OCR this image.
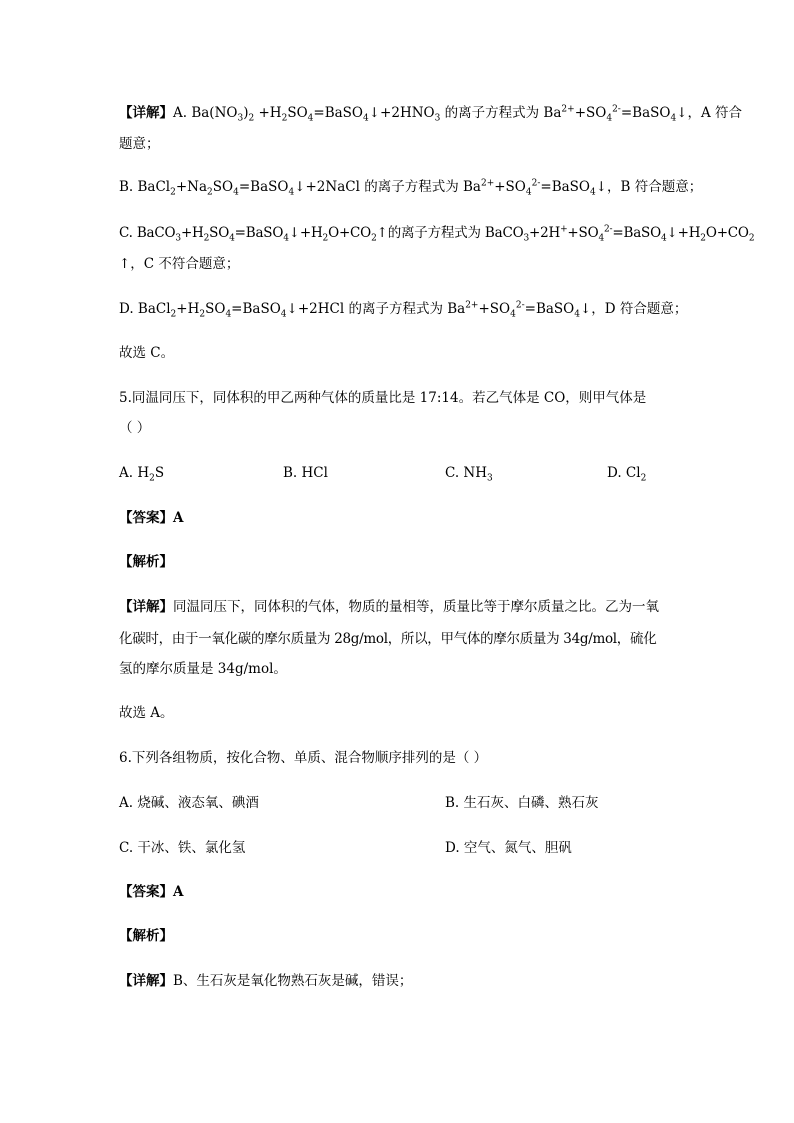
【详解】A. $Ba(NO_3)_2$ $+H_2SO_4=BaSO_4↓+2HNO_3$ 的离子方程式为 $Ba^{2+}+SO_4^{2-}=BaSO_4↓$，A 符合
题意；
B. $BaCl_2+Na_2SO_4=BaSO_4↓+2NaCl$ 的离子方程式为 $Ba^{2+}+SO_4^{2-}=BaSO_4↓$，B 符合题意；
C. $BaCO_3+H_2SO_4=BaSO_4↓+H_2O+CO_2↑$的离子方程式为 $BaCO_3+2H^++SO_4^{2-}=BaSO_4↓+H_2O+CO_2$
↑，C 不符合题意；
D. $BaCl_2+H_2SO_4=BaSO_4↓+2HCl$ 的离子方程式为 $Ba^{2+}+SO_4^{2-}=BaSO_4↓$，D 符合题意；
故选 C。
5.同温同压下，同体积的甲乙两种气体的质量比是 17:14。若乙气体是 CO，则甲气体是
（ ）
A. $H_2S$	B. HCl	C. $NH_3$	D. $Cl_2$
【答案】A
【解析】
【详解】同温同压下，同体积的气体，物质的量相等，质量比等于摩尔质量之比。乙为一氧
化碳时，由于一氧化碳的摩尔质量为 28g/mol，所以，甲气体的摩尔质量为 34g/mol，硫化
氢的摩尔质量是 34g/mol。
故选 A。
6.下列各组物质，按化合物、单质、混合物顺序排列的是（ ）
A. 烧碱、液态氧、碘酒	B. 生石灰、白磷、熟石灰
C. 干冰、铁、氯化氢	D. 空气、氮气、胆矾
【答案】A
【解析】
【详解】B、生石灰是氧化物熟石灰是碱，错误；
